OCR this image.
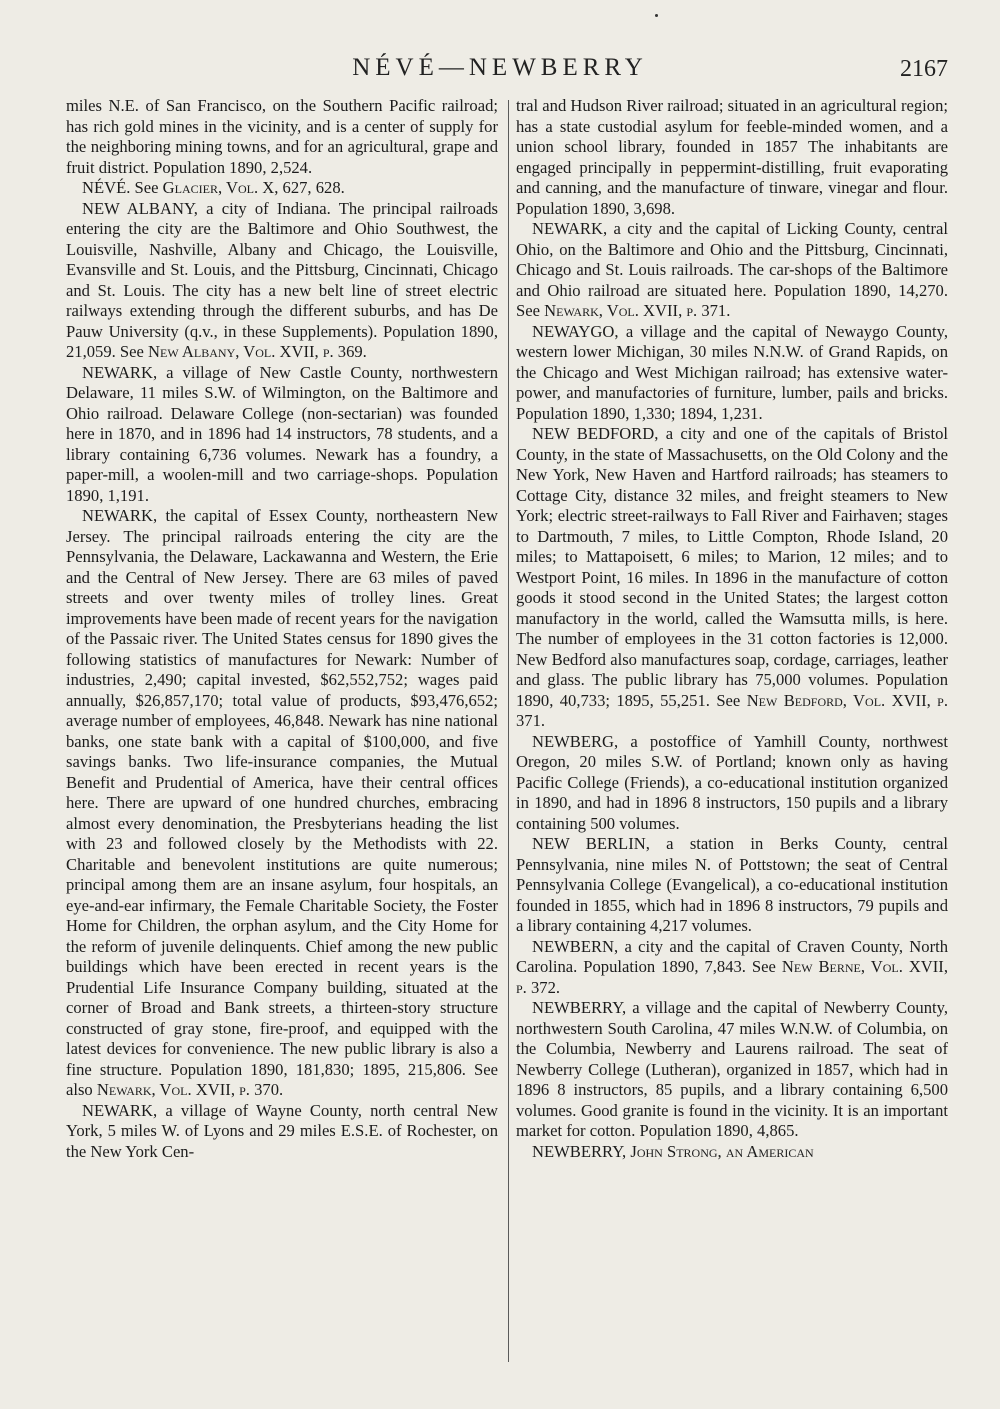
NÉVÉ—NEWBERRY	2167

miles N.E. of San Francisco, on the Southern Pacific railroad; has rich gold mines in the vicinity, and is a center of supply for the neighboring mining towns, and for an agricultural, grape and fruit district. Population 1890, 2,524.

NÉVÉ. See Glacier, Vol. X, 627, 628.

NEW ALBANY, a city of Indiana. The principal railroads entering the city are the Baltimore and Ohio Southwest, the Louisville, Nashville, Albany and Chicago, the Louisville, Evansville and St. Louis, and the Pittsburg, Cincinnati, Chicago and St. Louis. The city has a new belt line of street electric railways extending through the different suburbs, and has De Pauw University (q.v., in these Supplements). Population 1890, 21,059. See New Albany, Vol. XVII, p. 369.

NEWARK, a village of New Castle County, northwestern Delaware, 11 miles S.W. of Wilmington, on the Baltimore and Ohio railroad. Delaware College (non-sectarian) was founded here in 1870, and in 1896 had 14 instructors, 78 students, and a library containing 6,736 volumes. Newark has a foundry, a paper-mill, a woolen-mill and two carriage-shops. Population 1890, 1,191.

NEWARK, the capital of Essex County, northeastern New Jersey. The principal railroads entering the city are the Pennsylvania, the Delaware, Lackawanna and Western, the Erie and the Central of New Jersey. There are 63 miles of paved streets and over twenty miles of trolley lines. Great improvements have been made of recent years for the navigation of the Passaic river. The United States census for 1890 gives the following statistics of manufactures for Newark: Number of industries, 2,490; capital invested, $62,552,752; wages paid annually, $26,857,170; total value of products, $93,476,652; average number of employees, 46,848. Newark has nine national banks, one state bank with a capital of $100,000, and five savings banks. Two life-insurance companies, the Mutual Benefit and Prudential of America, have their central offices here. There are upward of one hundred churches, embracing almost every denomination, the Presbyterians heading the list with 23 and followed closely by the Methodists with 22. Charitable and benevolent institutions are quite numerous; principal among them are an insane asylum, four hospitals, an eye-and-ear infirmary, the Female Charitable Society, the Foster Home for Children, the orphan asylum, and the City Home for the reform of juvenile delinquents. Chief among the new public buildings which have been erected in recent years is the Prudential Life Insurance Company building, situated at the corner of Broad and Bank streets, a thirteen-story structure constructed of gray stone, fire-proof, and equipped with the latest devices for convenience. The new public library is also a fine structure. Population 1890, 181,830; 1895, 215,806. See also Newark, Vol. XVII, p. 370.

NEWARK, a village of Wayne County, north central New York, 5 miles W. of Lyons and 29 miles E.S.E. of Rochester, on the New York Cen-

tral and Hudson River railroad; situated in an agricultural region; has a state custodial asylum for feeble-minded women, and a union school library, founded in 1857 The inhabitants are engaged principally in peppermint-distilling, fruit evaporating and canning, and the manufacture of tinware, vinegar and flour. Population 1890, 3,698.

NEWARK, a city and the capital of Licking County, central Ohio, on the Baltimore and Ohio and the Pittsburg, Cincinnati, Chicago and St. Louis railroads. The car-shops of the Baltimore and Ohio railroad are situated here. Population 1890, 14,270. See Newark, Vol. XVII, p. 371.

NEWAYGO, a village and the capital of Newaygo County, western lower Michigan, 30 miles N.N.W. of Grand Rapids, on the Chicago and West Michigan railroad; has extensive water-power, and manufactories of furniture, lumber, pails and bricks. Population 1890, 1,330; 1894, 1,231.

NEW BEDFORD, a city and one of the capitals of Bristol County, in the state of Massachusetts, on the Old Colony and the New York, New Haven and Hartford railroads; has steamers to Cottage City, distance 32 miles, and freight steamers to New York; electric street-railways to Fall River and Fairhaven; stages to Dartmouth, 7 miles, to Little Compton, Rhode Island, 20 miles; to Mattapoisett, 6 miles; to Marion, 12 miles; and to Westport Point, 16 miles. In 1896 in the manufacture of cotton goods it stood second in the United States; the largest cotton manufactory in the world, called the Wamsutta mills, is here. The number of employees in the 31 cotton factories is 12,000. New Bedford also manufactures soap, cordage, carriages, leather and glass. The public library has 75,000 volumes. Population 1890, 40,733; 1895, 55,251. See New Bedford, Vol. XVII, p. 371.

NEWBERG, a postoffice of Yamhill County, northwest Oregon, 20 miles S.W. of Portland; known only as having Pacific College (Friends), a co-educational institution organized in 1890, and had in 1896 8 instructors, 150 pupils and a library containing 500 volumes.

NEW BERLIN, a station in Berks County, central Pennsylvania, nine miles N. of Pottstown; the seat of Central Pennsylvania College (Evangelical), a co-educational institution founded in 1855, which had in 1896 8 instructors, 79 pupils and a library containing 4,217 volumes.

NEWBERN, a city and the capital of Craven County, North Carolina. Population 1890, 7,843. See New Berne, Vol. XVII, p. 372.

NEWBERRY, a village and the capital of Newberry County, northwestern South Carolina, 47 miles W.N.W. of Columbia, on the Columbia, Newberry and Laurens railroad. The seat of Newberry College (Lutheran), organized in 1857, which had in 1896 8 instructors, 85 pupils, and a library containing 6,500 volumes. Good granite is found in the vicinity. It is an important market for cotton. Population 1890, 4,865.

NEWBERRY, John Strong, an American
